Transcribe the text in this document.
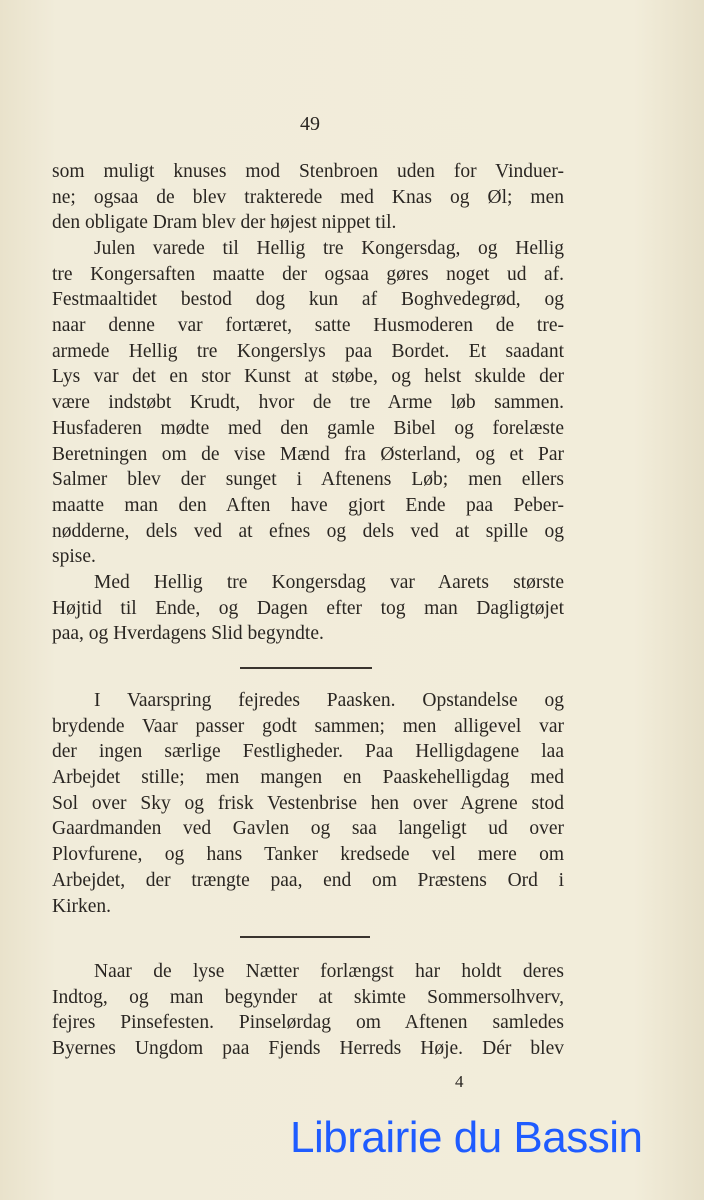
49
som muligt knuses mod Stenbroen uden for Vinduer-
ne; ogsaa de blev trakterede med Knas og Øl; men
den obligate Dram blev der højest nippet til.
Julen varede til Hellig tre Kongersdag, og Hellig
tre Kongersaften maatte der ogsaa gøres noget ud af.
Festmaaltidet bestod dog kun af Boghvedegrød, og
naar denne var fortæret, satte Husmoderen de tre-
armede Hellig tre Kongerslys paa Bordet. Et saadant
Lys var det en stor Kunst at støbe, og helst skulde der
være indstøbt Krudt, hvor de tre Arme løb sammen.
Husfaderen mødte med den gamle Bibel og forelæste
Beretningen om de vise Mænd fra Østerland, og et Par
Salmer blev der sunget i Aftenens Løb; men ellers
maatte man den Aften have gjort Ende paa Peber-
nødderne, dels ved at efnes og dels ved at spille og
spise.
Med Hellig tre Kongersdag var Aarets største
Højtid til Ende, og Dagen efter tog man Dagligtøjet
paa, og Hverdagens Slid begyndte.
I Vaarspring fejredes Paasken. Opstandelse og
brydende Vaar passer godt sammen; men alligevel var
der ingen særlige Festligheder. Paa Helligdagene laa
Arbejdet stille; men mangen en Paaskehelligdag med
Sol over Sky og frisk Vestenbrise hen over Agrene stod
Gaardmanden ved Gavlen og saa langeligt ud over
Plovfurene, og hans Tanker kredsede vel mere om
Arbejdet, der trængte paa, end om Præstens Ord i
Kirken.
Naar de lyse Nætter forlængst har holdt deres
Indtog, og man begynder at skimte Sommersolhverv,
fejres Pinsefesten. Pinselørdag om Aftenen samledes
Byernes Ungdom paa Fjends Herreds Høje. Dér blev
4
Librairie du Bassin
